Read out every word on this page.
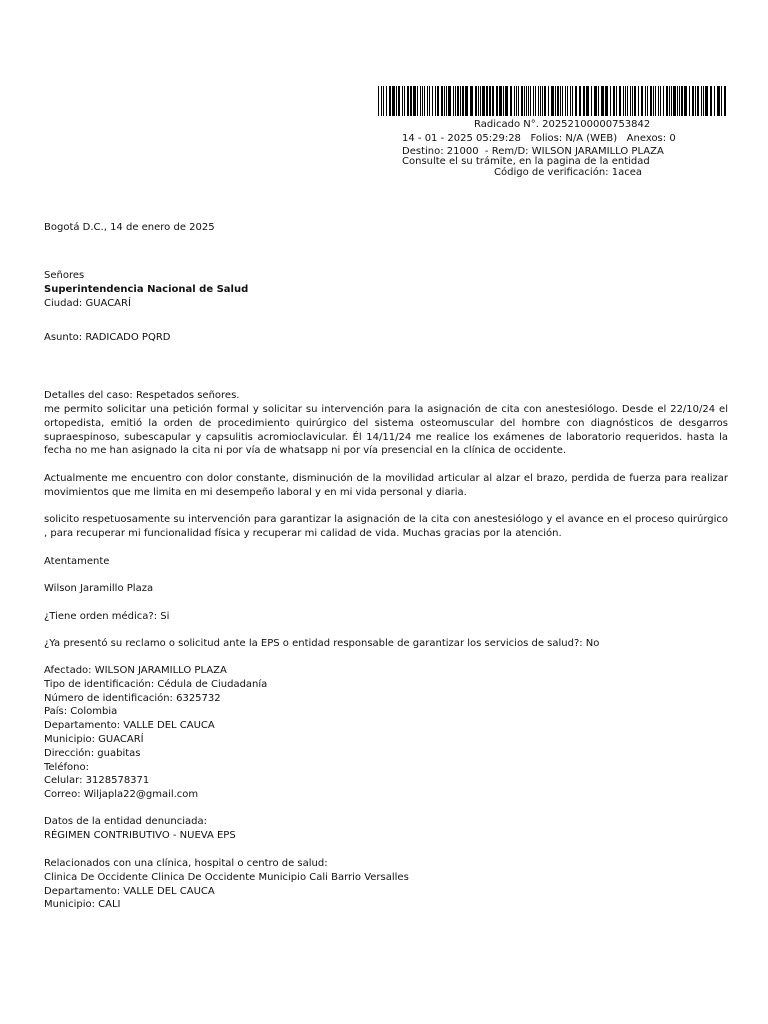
Radicado N°. 20252100000753842
14 - 01 - 2025 05:29:28   Folios: N/A (WEB)   Anexos: 0
Destino: 21000  - Rem/D: WILSON JARAMILLO PLAZA
Consulte el su trámite, en la pagina de la entidad
Código de verificación: 1acea
Bogotá D.C., 14 de enero de 2025
Señores
Superintendencia Nacional de Salud
Ciudad: GUACARÍ
Asunto: RADICADO PQRD
Detalles del caso: Respetados señores.
me permito solicitar una petición formal y solicitar su intervención para la asignación de cita con anestesiólogo. Desde el 22/10/24 el ortopedista, emitió la orden de procedimiento quirúrgico del sistema osteomuscular del hombre con diagnósticos de desgarros supraespinoso, subescapular y capsulitis acromioclavicular. Él 14/11/24 me realice los exámenes de laboratorio requeridos. hasta la fecha no me han asignado la cita ni por vía de whatsapp ni por vía presencial en la clínica de occidente.
Actualmente me encuentro con dolor constante, disminución de la movilidad articular al alzar el brazo, perdida de fuerza para realizar movimientos que me limita en mi desempeño laboral y en mi vida personal y diaria.
solicito respetuosamente su intervención para garantizar la asignación de la cita con anestesiólogo y el avance en el proceso quirúrgico , para recuperar mi funcionalidad física y recuperar mi calidad de vida. Muchas gracias por la atención.
Atentamente
Wilson Jaramillo Plaza
¿Tiene orden médica?: Si
¿Ya presentó su reclamo o solicitud ante la EPS o entidad responsable de garantizar los servicios de salud?: No
Afectado: WILSON JARAMILLO PLAZA
Tipo de identificación: Cédula de Ciudadanía
Número de identificación: 6325732
País: Colombia
Departamento: VALLE DEL CAUCA
Municipio: GUACARÍ
Dirección: guabitas
Teléfono:
Celular: 3128578371
Correo: Wiljapla22@gmail.com
Datos de la entidad denunciada:
RÉGIMEN CONTRIBUTIVO - NUEVA EPS
Relacionados con una clínica, hospital o centro de salud:
Clinica De Occidente Clinica De Occidente Municipio Cali Barrio Versalles
Departamento: VALLE DEL CAUCA
Municipio: CALI
